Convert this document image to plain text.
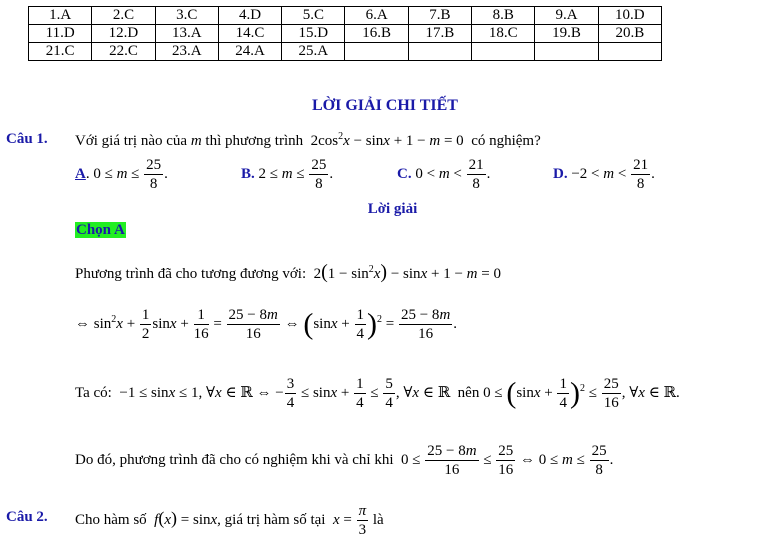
1.A	2.C	3.C	4.D	5.C	6.A	7.B	8.B	9.A	10.D
11.D	12.D	13.A	14.C	15.D	16.B	17.B	18.C	19.B	20.B
21.C	22.C	23.A	24.A	25.A					
LỜI GIẢI CHI TIẾT
Câu 1. Với giá trị nào của m thì phương trình  $2\cos^2x - \sin x + 1 - m = 0$  có nghiệm?
A. $0 \le m \le \frac{25}{8}$ .	B. $2 \le m \le \frac{25}{8}$ .	C. $0 < m < \frac{21}{8}$ .	D. $-2 < m < \frac{21}{8}$ .
Lời giải
Chọn A
Phương trình đã cho tương đương với:  $2(1 - \sin^2x) - \sin x + 1 - m = 0$
⇔ $\sin^2x + \frac{1}{2}$ $\sin x + \frac{1}{16} = \frac{25 - 8m}{16}$ ⇔ $(\sin x + \frac{1}{4} )^2 = \frac{25 - 8m}{16}$ .
Ta có:  −1 ≤ sinx ≤ 1, ∀x ∈ ℝ ⇔ − $\frac{3}{4} \le \sin x + \frac{1}{4} \le \frac{5}{4}$ , ∀x ∈ ℝ  nên $0 \le (\sin x + \frac{1}{4} )^2 \le \frac{25}{16}$ , ∀x ∈ ℝ.
Do đó, phương trình đã cho có nghiệm khi và chỉ khi  $0 \le \frac{25 - 8m}{16} \le \frac{25}{16}$ ⇔ $0 \le m \le \frac{25}{8}$ .
Câu 2. Cho hàm số f(x) = sinx, giá trị hàm số tại $x = \frac{\pi}{3}$ là
